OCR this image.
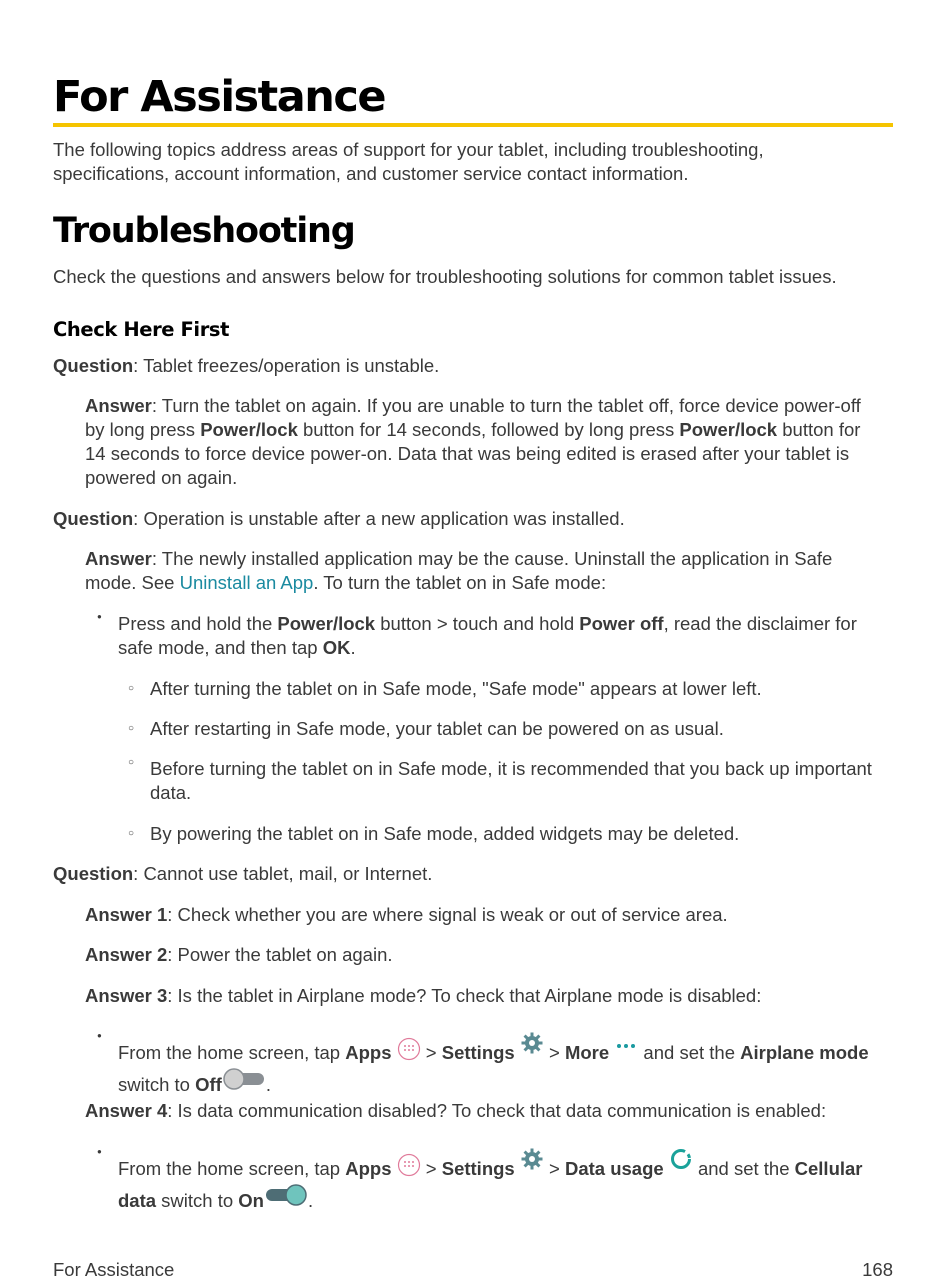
For Assistance

The following topics address areas of support for your tablet, including troubleshooting, specifications, account information, and customer service contact information.

Troubleshooting

Check the questions and answers below for troubleshooting solutions for common tablet issues.

Check Here First

Question: Tablet freezes/operation is unstable.

Answer: Turn the tablet on again. If you are unable to turn the tablet off, force device power-off

by long press Power/lock button for 14 seconds, followed by long press Power/lock button for

14 seconds to force device power-on. Data that was being edited is erased after your tablet is

powered on again.

Question: Operation is unstable after a new application was installed.

Answer: The newly installed application may be the cause. Uninstall the application in Safe

mode. See Uninstall an App. To turn the tablet on in Safe mode:

● Press and hold the Power/lock button > touch and hold Power off, read the disclaimer for

safe mode, and then tap OK.

○ After turning the tablet on in Safe mode, "Safe mode" appears at lower left.

○ After restarting in Safe mode, your tablet can be powered on as usual.

○ Before turning the tablet on in Safe mode, it is recommended that you back up important

data.

○ By powering the tablet on in Safe mode, added widgets may be deleted.

Question: Cannot use tablet, mail, or Internet.

Answer 1: Check whether you are where signal is weak or out of service area.

Answer 2: Power the tablet on again.

Answer 3: Is the tablet in Airplane mode? To check that Airplane mode is disabled:

● From the home screen, tap Apps  > Settings  > More  and set the Airplane mode

switch to Off .

Answer 4: Is data communication disabled? To check that data communication is enabled:

● From the home screen, tap Apps  > Settings  > Data usage  and set the Cellular

data switch to On .

For Assistance	168
